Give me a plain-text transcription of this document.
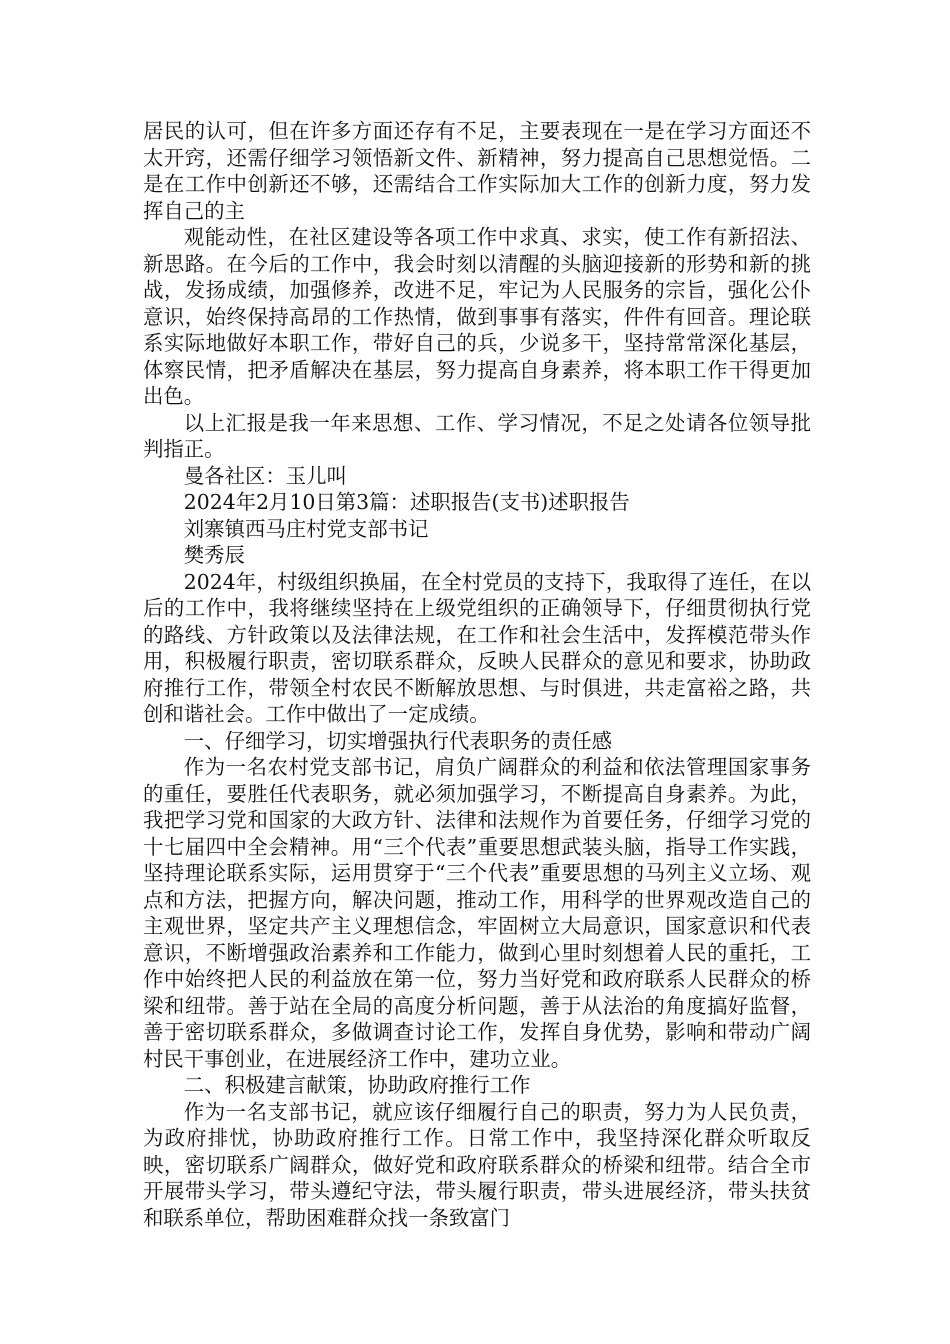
居民的认可，但在许多方面还存有不足，主要表现在一是在学习方面还不太开窍，还需仔细学习领悟新文件、新精神，努力提高自己思想觉悟。二是在工作中创新还不够，还需结合工作实际加大工作的创新力度，努力发挥自己的主

观能动性，在社区建设等各项工作中求真、求实，使工作有新招法、新思路。在今后的工作中，我会时刻以清醒的头脑迎接新的形势和新的挑战，发扬成绩，加强修养，改进不足，牢记为人民服务的宗旨，强化公仆意识，始终保持高昂的工作热情，做到事事有落实，件件有回音。理论联系实际地做好本职工作，带好自己的兵，少说多干，坚持常常深化基层，体察民情，把矛盾解决在基层，努力提高自身素养，将本职工作干得更加出色。

以上汇报是我一年来思想、工作、学习情况，不足之处请各位领导批判指正。

曼各社区：玉儿叫

2024年2月10日第3篇：述职报告(支书)述职报告

刘寨镇西马庄村党支部书记

樊秀辰

2024年，村级组织换届，在全村党员的支持下，我取得了连任，在以后的工作中，我将继续坚持在上级党组织的正确领导下，仔细贯彻执行党的路线、方针政策以及法律法规，在工作和社会生活中，发挥模范带头作用，积极履行职责，密切联系群众，反映人民群众的意见和要求，协助政府推行工作，带领全村农民不断解放思想、与时俱进，共走富裕之路，共创和谐社会。工作中做出了一定成绩。

一、仔细学习，切实增强执行代表职务的责任感

作为一名农村党支部书记，肩负广阔群众的利益和依法管理国家事务的重任，要胜任代表职务，就必须加强学习，不断提高自身素养。为此，我把学习党和国家的大政方针、法律和法规作为首要任务，仔细学习党的十七届四中全会精神。用“三个代表”重要思想武装头脑，指导工作实践，坚持理论联系实际，运用贯穿于“三个代表”重要思想的马列主义立场、观点和方法，把握方向，解决问题，推动工作，用科学的世界观改造自己的主观世界，坚定共产主义理想信念，牢固树立大局意识，国家意识和代表意识，不断增强政治素养和工作能力，做到心里时刻想着人民的重托，工作中始终把人民的利益放在第一位，努力当好党和政府联系人民群众的桥梁和纽带。善于站在全局的高度分析问题，善于从法治的角度搞好监督，善于密切联系群众，多做调查讨论工作，发挥自身优势，影响和带动广阔村民干事创业，在进展经济工作中，建功立业。

二、积极建言献策，协助政府推行工作

作为一名支部书记，就应该仔细履行自己的职责，努力为人民负责，为政府排忧，协助政府推行工作。日常工作中，我坚持深化群众听取反映，密切联系广阔群众，做好党和政府联系群众的桥梁和纽带。结合全市开展带头学习，带头遵纪守法，带头履行职责，带头进展经济，带头扶贫和联系单位，帮助困难群众找一条致富门
